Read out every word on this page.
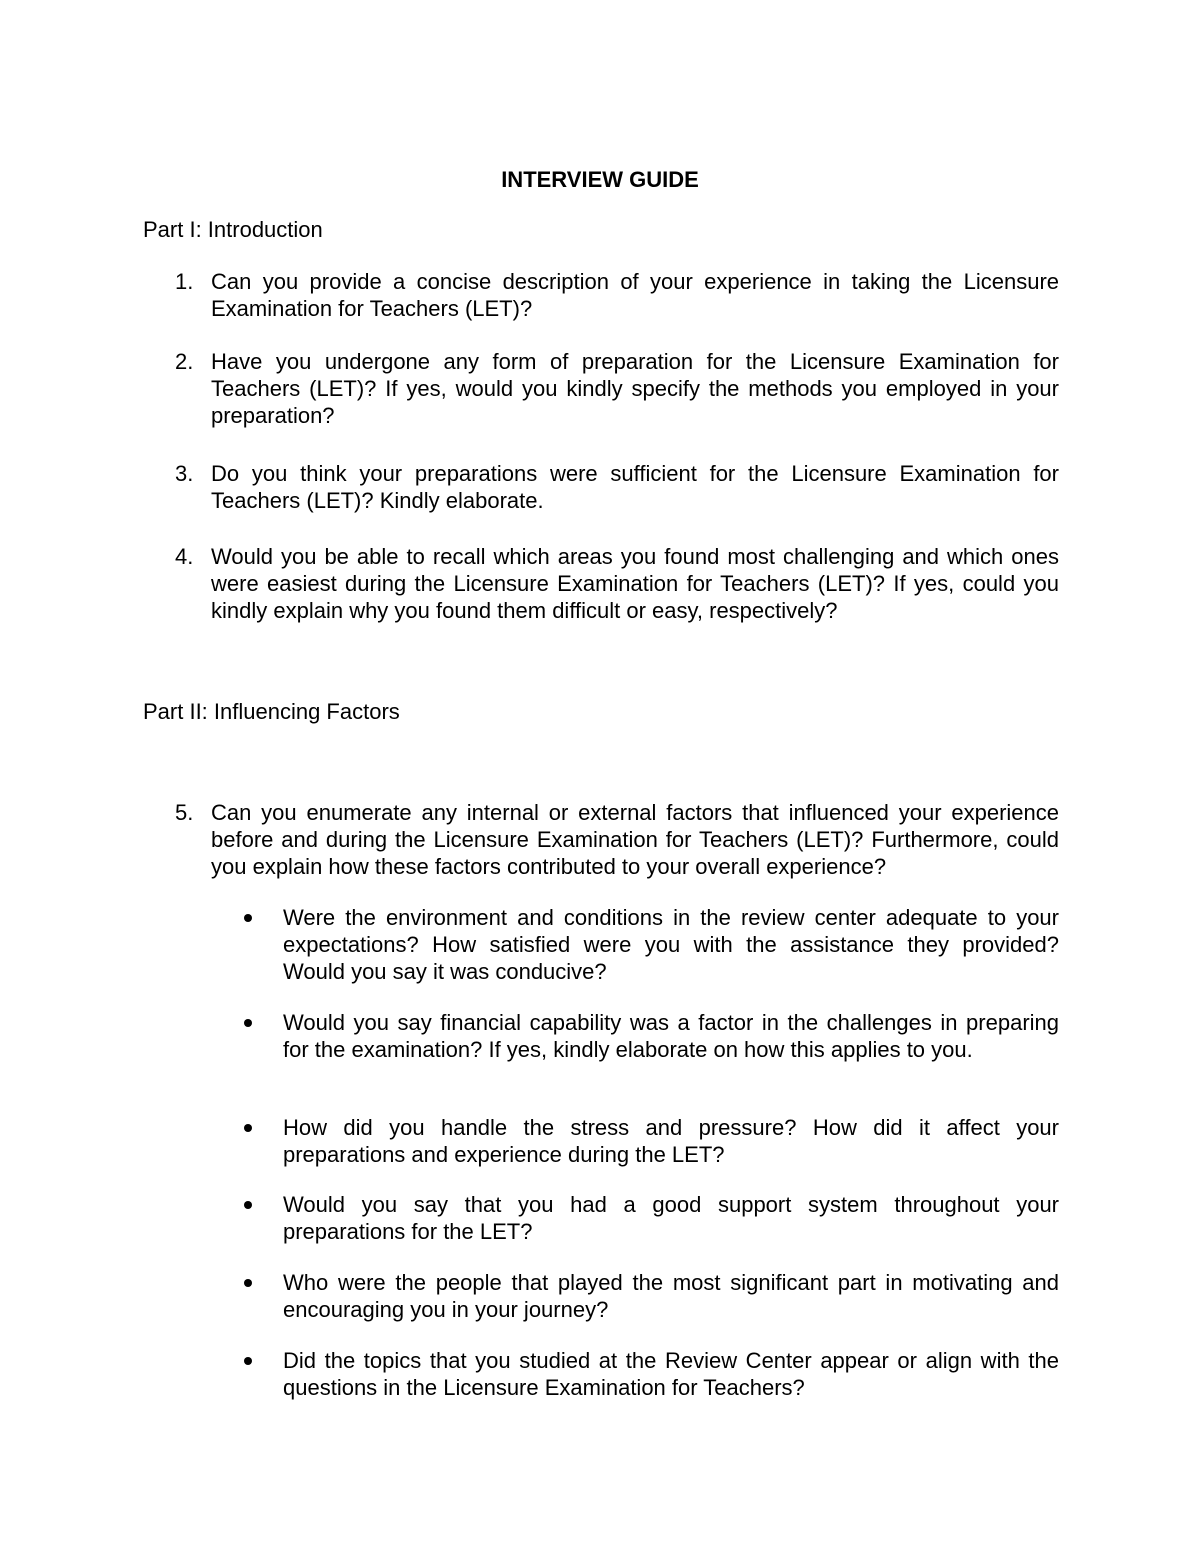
INTERVIEW GUIDE
Part I: Introduction
1. Can you provide a concise description of your experience in taking the Licensure Examination for Teachers (LET)?
2. Have you undergone any form of preparation for the Licensure Examination for Teachers (LET)? If yes, would you kindly specify the methods you employed in your preparation?
3. Do you think your preparations were sufficient for the Licensure Examination for Teachers (LET)? Kindly elaborate.
4. Would you be able to recall which areas you found most challenging and which ones were easiest during the Licensure Examination for Teachers (LET)? If yes, could you kindly explain why you found them difficult or easy, respectively?
Part II: Influencing Factors
5. Can you enumerate any internal or external factors that influenced your experience before and during the Licensure Examination for Teachers (LET)? Furthermore, could you explain how these factors contributed to your overall experience?
Were the environment and conditions in the review center adequate to your expectations? How satisfied were you with the assistance they provided? Would you say it was conducive?
Would you say financial capability was a factor in the challenges in preparing for the examination? If yes, kindly elaborate on how this applies to you.
How did you handle the stress and pressure? How did it affect your preparations and experience during the LET?
Would you say that you had a good support system throughout your preparations for the LET?
Who were the people that played the most significant part in motivating and encouraging you in your journey?
Did the topics that you studied at the Review Center appear or align with the questions in the Licensure Examination for Teachers?
